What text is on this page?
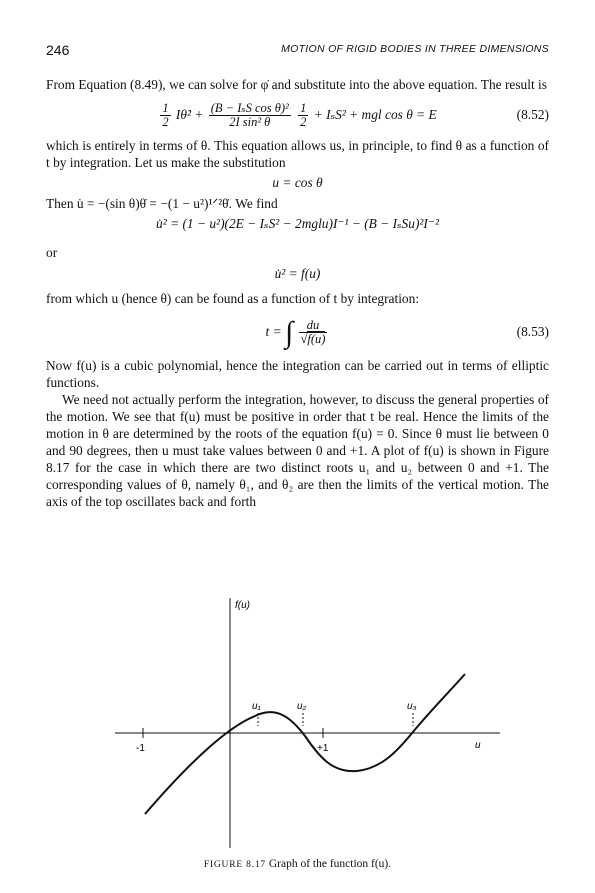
246	MOTION OF RIGID BODIES IN THREE DIMENSIONS

From Equation (8.49), we can solve for φ̇ and substitute into the above equation. The result is

$\frac{1}{2}$ Iθ̇² + $\frac{\text{(B − IₛS cos θ)²}}{\text{2I sin² θ}}$
$\frac{1}{2} + I_sS^2$ + mgl cos θ = E	(8.52)

which is entirely in terms of θ. This equation allows us, in principle, to find θ as a function of t by integration. Let us make the substitution

u = cos θ

Then u̇ = −(sin θ)θ̇ = −(1 − u²)¹ᐟ²θ̇. We find

u̇² = (1 − u²)(2E − IₛS² − 2mglu)I⁻¹ − (B − IₛSu)²I⁻²

or

u̇² = f(u)

from which u (hence θ) can be found as a function of t by integration:

t = ∫ $\frac{du}{√f(u)}$	(8.53)

Now f(u) is a cubic polynomial, hence the integration can be carried out in terms of elliptic functions.

We need not actually perform the integration, however, to discuss the general properties of the motion. We see that f(u) must be positive in order that t be real. Hence the limits of the motion in θ are determined by the roots of the equation f(u) = 0. Since θ must lie between 0 and 90 degrees, then u must take values between 0 and +1. A plot of f(u) is shown in Figure 8.17 for the case in which there are two distinct roots u₁ and u₂ between 0 and +1. The corresponding values of θ, namely θ₁, and θ₂ are then the limits of the vertical motion. The axis of the top oscillates back and forth

f(u)
u
-1	+1
u₁	u₂	u₃
FIGURE 8.17 Graph of the function f(u).
